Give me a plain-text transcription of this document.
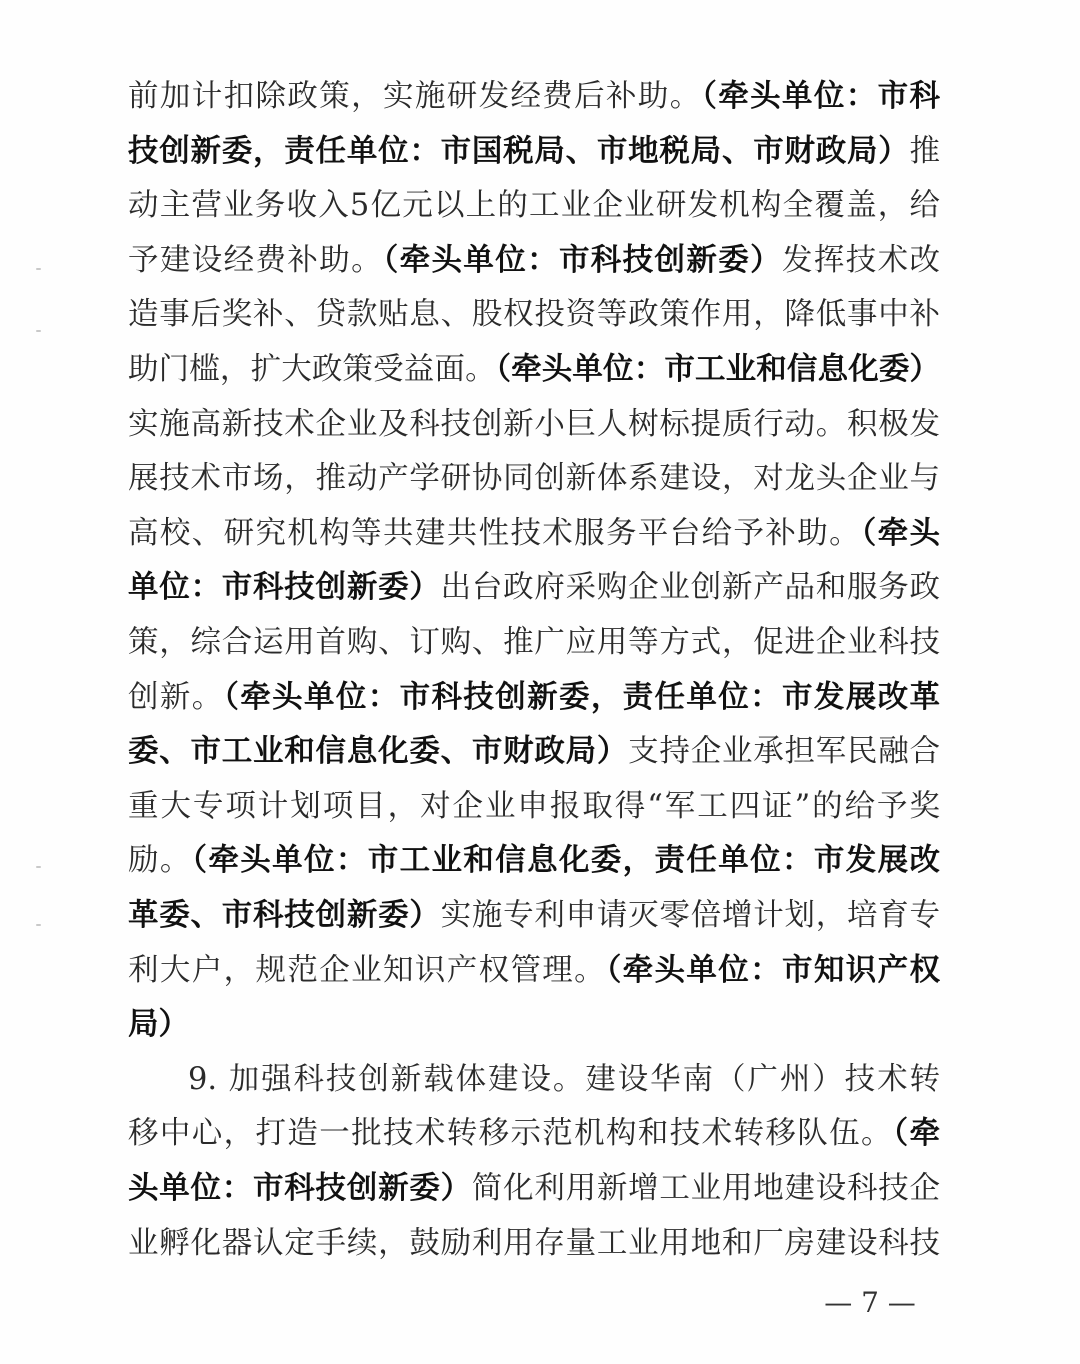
前加计扣除政策，实施研发经费后补助。（牵头单位：市科
技创新委，责任单位：市国税局、市地税局、市财政局）推
动主营业务收入5亿元以上的工业企业研发机构全覆盖，给
予建设经费补助。（牵头单位：市科技创新委）发挥技术改
造事后奖补、贷款贴息、股权投资等政策作用，降低事中补
助门槛，扩大政策受益面。（牵头单位：市工业和信息化委）
实施高新技术企业及科技创新小巨人树标提质行动。积极发
展技术市场，推动产学研协同创新体系建设，对龙头企业与
高校、研究机构等共建共性技术服务平台给予补助。（牵头
单位：市科技创新委）出台政府采购企业创新产品和服务政
策，综合运用首购、订购、推广应用等方式，促进企业科技
创新。（牵头单位：市科技创新委，责任单位：市发展改革
委、市工业和信息化委、市财政局）支持企业承担军民融合
重大专项计划项目，对企业申报取得“军工四证”的给予奖
励。（牵头单位：市工业和信息化委，责任单位：市发展改
革委、市科技创新委）实施专利申请灭零倍增计划，培育专
利大户，规范企业知识产权管理。（牵头单位：市知识产权
局）
9. 加强科技创新载体建设。建设华南（广州）技术转
移中心，打造一批技术转移示范机构和技术转移队伍。（牵
头单位：市科技创新委）简化利用新增工业用地建设科技企
业孵化器认定手续，鼓励利用存量工业用地和厂房建设科技
— 7 —
